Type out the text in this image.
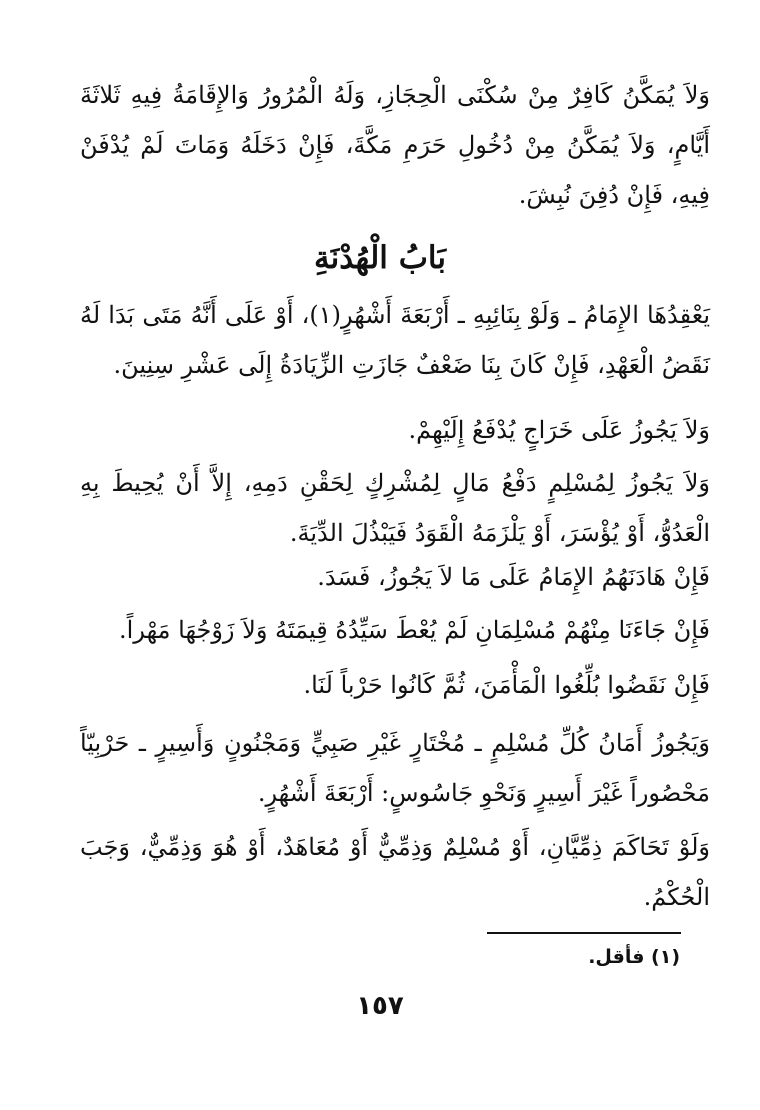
وَلاَ يُمَكَّنُ كَافِرٌ مِنْ سُكْنَى الْحِجَازِ، وَلَهُ الْمُرُورُ وَالإِقَامَةُ فِيهِ ثَلاثَةَ أَيَّامٍ، وَلاَ يُمَكَّنُ مِنْ دُخُولِ حَرَمِ مَكَّةَ، فَإِنْ دَخَلَهُ وَمَاتَ لَمْ يُدْفَنْ فِيهِ، فَإِنْ دُفِنَ نُبِشَ.

بَابُ الْهُدْنَةِ

يَعْقِدُهَا الإِمَامُ ـ وَلَوْ بِنَائِبِهِ ـ أَرْبَعَةَ أَشْهُرٍ(١)، أَوْ عَلَى أَنَّهُ مَتَى بَدَا لَهُ نَقَضُ الْعَهْدِ، فَإِنْ كَانَ بِنَا ضَعْفٌ جَازَتِ الزِّيَادَةُ إِلَى عَشْرِ سِنِينَ.

وَلاَ يَجُوزُ عَلَى خَرَاجٍ يُدْفَعُ إِلَيْهِمْ.

وَلاَ يَجُوزُ لِمُسْلِمٍ دَفْعُ مَالٍ لِمُشْرِكٍ لِحَقْنِ دَمِهِ، إِلاَّ أَنْ يُحِيطَ بِهِ الْعَدُوُّ، أَوْ يُؤْسَرَ، أَوْ يَلْزَمَهُ الْقَوَدُ فَيَبْذُلَ الدِّيَةَ.

فَإِنْ هَادَنَهُمُ الإِمَامُ عَلَى مَا لاَ يَجُوزُ، فَسَدَ.

فَإِنْ جَاءَنَا مِنْهُمْ مُسْلِمَانِ لَمْ يُعْطَ سَيِّدُهُ قِيمَتَهُ وَلاَ زَوْجُهَا مَهْراً.

فَإِنْ نَقَضُوا بُلِّغُوا الْمَأْمَنَ، ثُمَّ كَانُوا حَرْباً لَنَا.

وَيَجُوزُ أَمَانُ كُلِّ مُسْلِمٍ ـ مُخْتَارٍ غَيْرِ صَبِيٍّ وَمَجْنُونٍ وَأَسِيرٍ ـ حَرْبِيّاً مَحْصُوراً غَيْرَ أَسِيرٍ وَنَحْوِ جَاسُوسٍ: أَرْبَعَةَ أَشْهُرٍ.

وَلَوْ تَحَاكَمَ ذِمِّيَّانِ، أَوْ مُسْلِمٌ وَذِمِّيٌّ أَوْ مُعَاهَدٌ، أَوْ هُوَ وَذِمِّيٌّ، وَجَبَ الْحُكْمُ.

(١) فأقل.
١٥٧
